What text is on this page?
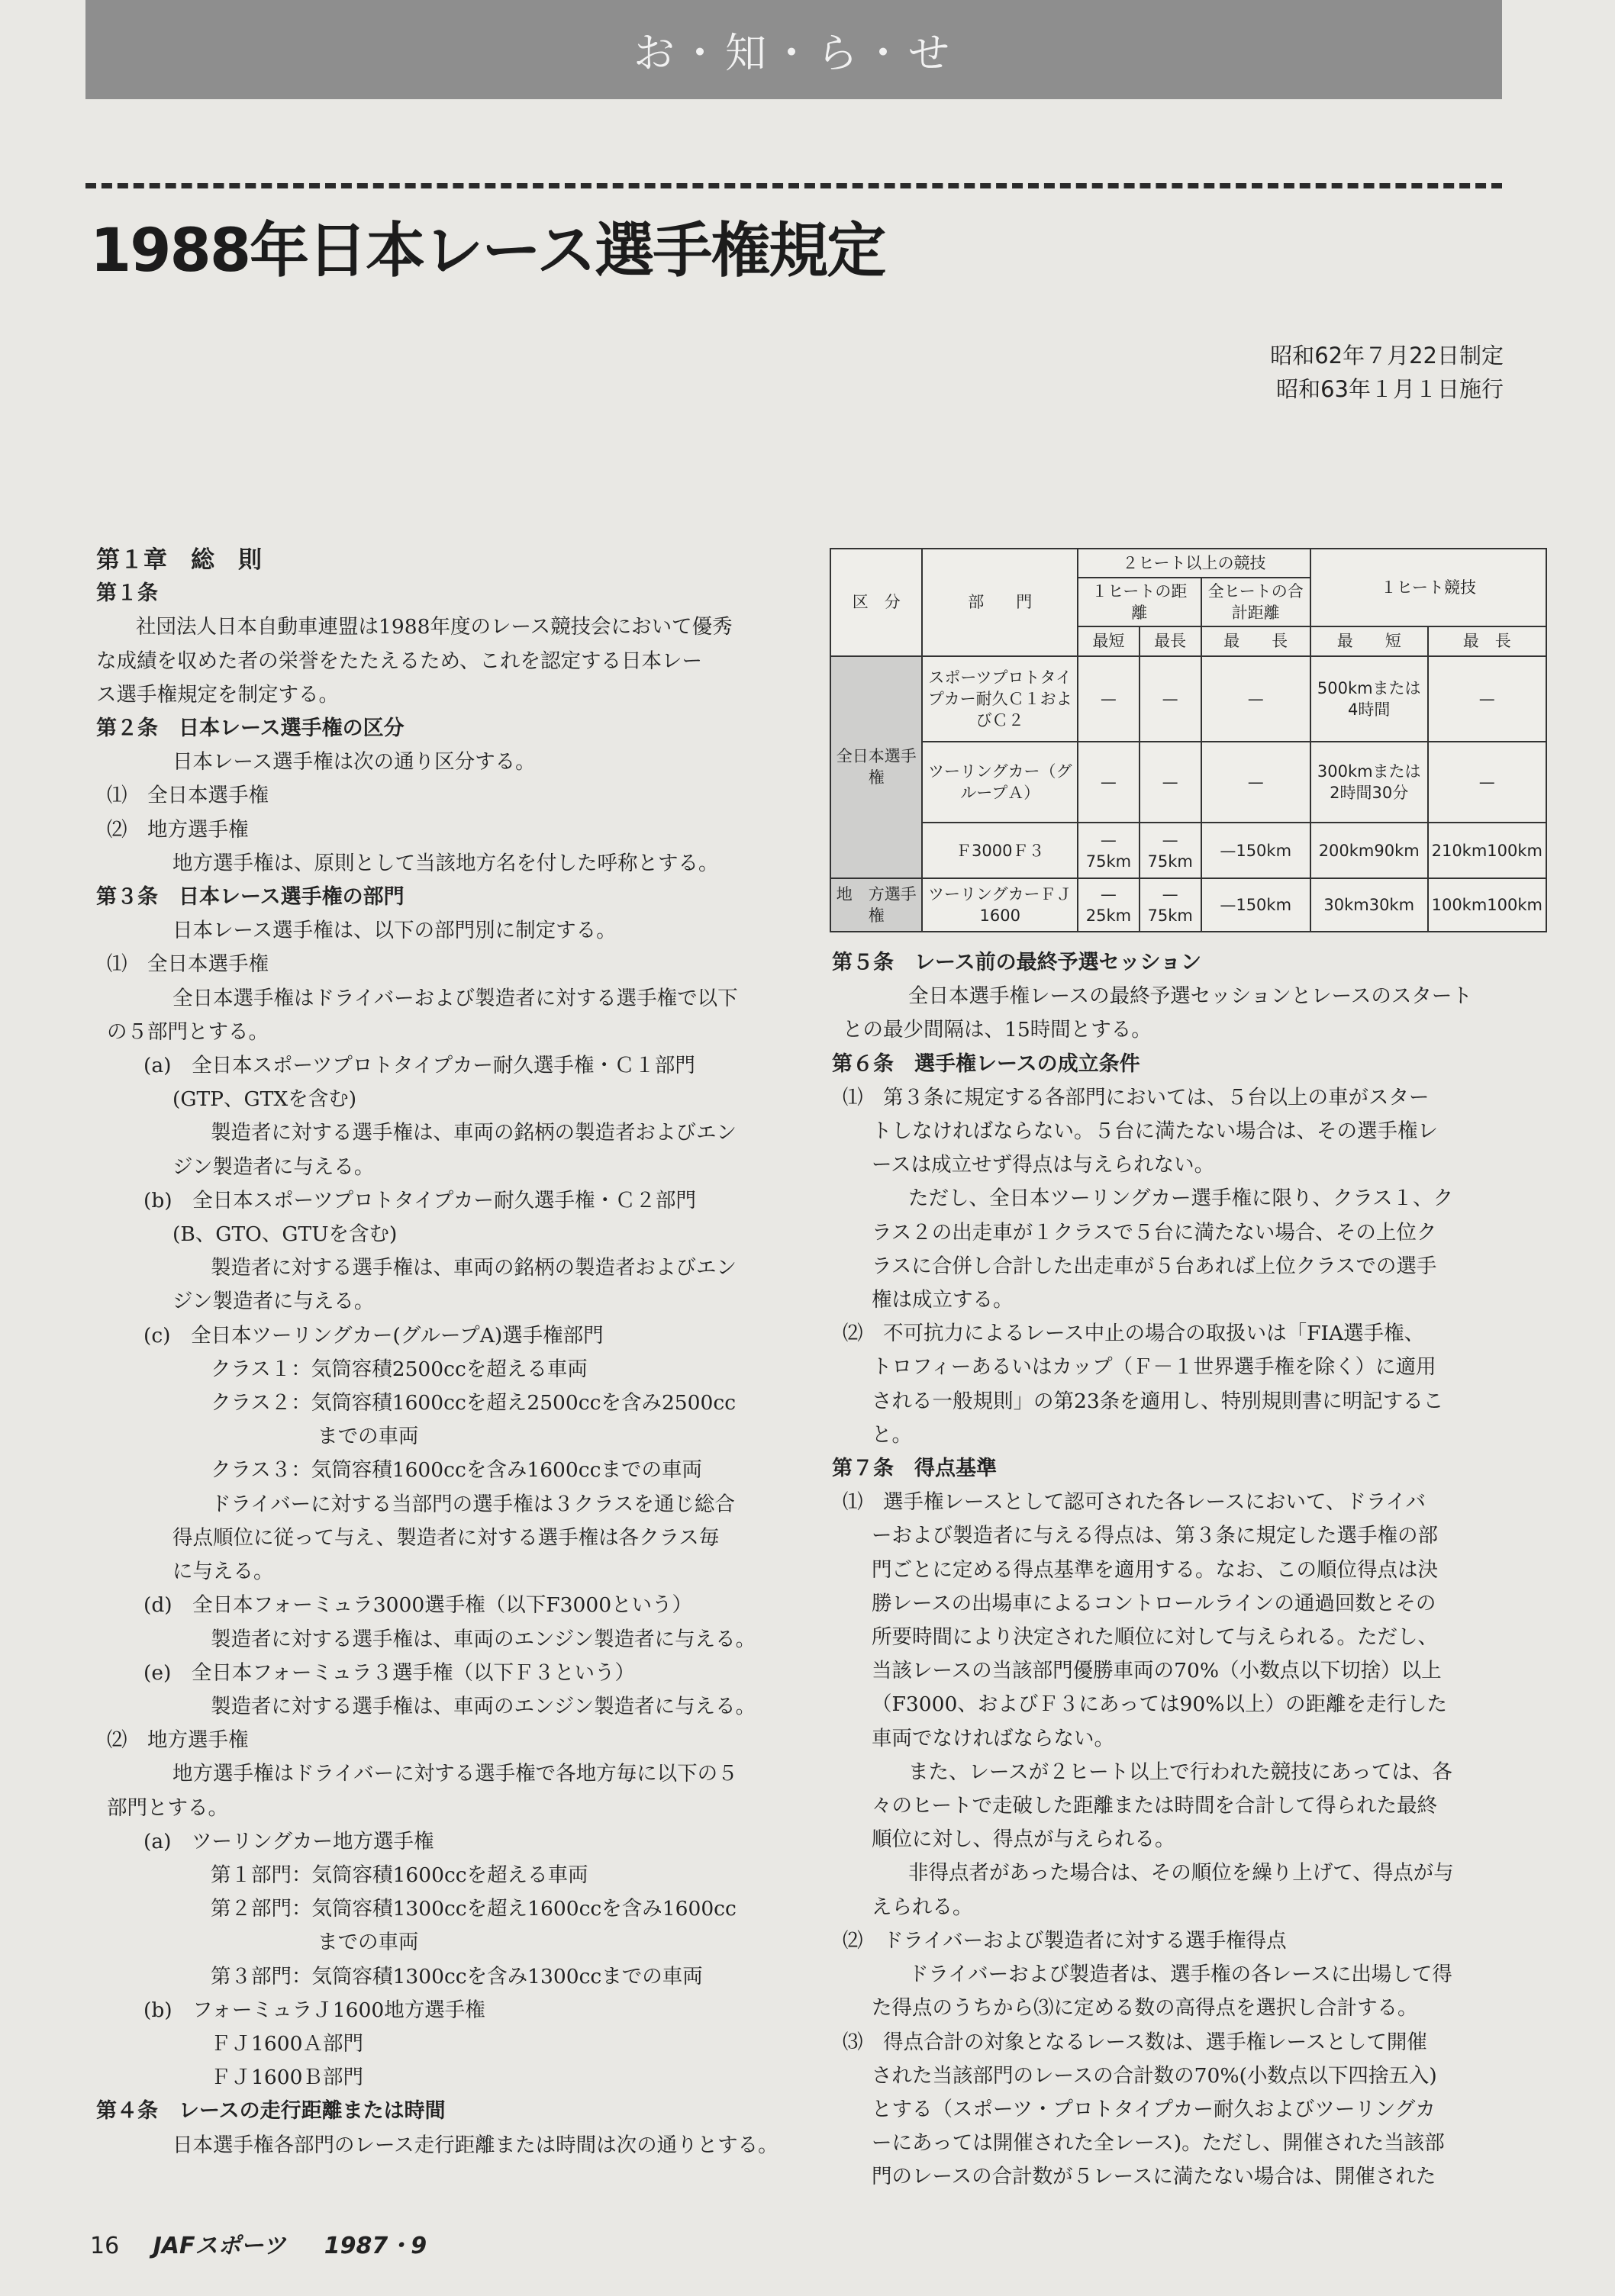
お・知・ら・せ
1988年日本レース選手権規定
昭和62年７月22日制定
昭和63年１月１日施行

第１章　総　則

第１条

社団法人日本自動車連盟は1988年度のレース競技会において優秀

な成績を収めた者の栄誉をたたえるため、これを認定する日本レー

ス選手権規定を制定する。

第２条　日本レース選手権の区分

日本レース選手権は次の通り区分する。

⑴　全日本選手権

⑵　地方選手権

地方選手権は、原則として当該地方名を付した呼称とする。

第３条　日本レース選手権の部門

日本レース選手権は、以下の部門別に制定する。

⑴　全日本選手権

全日本選手権はドライバーおよび製造者に対する選手権で以下

の５部門とする。

(a)　全日本スポーツプロトタイプカー耐久選手権・Ｃ１部門

(GTP、GTXを含む)

製造者に対する選手権は、車両の銘柄の製造者およびエン

ジン製造者に与える。

(b)　全日本スポーツプロトタイプカー耐久選手権・Ｃ２部門

(B、GTO、GTUを含む)

製造者に対する選手権は、車両の銘柄の製造者およびエン

ジン製造者に与える。

(c)　全日本ツーリングカー(グループA)選手権部門

クラス１：気筒容積2500ccを超える車両

クラス２：気筒容積1600ccを超え2500ccを含み2500cc

までの車両

クラス３：気筒容積1600ccを含み1600ccまでの車両

ドライバーに対する当部門の選手権は３クラスを通じ総合

得点順位に従って与え、製造者に対する選手権は各クラス毎

に与える。

(d)　全日本フォーミュラ3000選手権（以下F3000という）

製造者に対する選手権は、車両のエンジン製造者に与える。

(e)　全日本フォーミュラ３選手権（以下Ｆ３という）

製造者に対する選手権は、車両のエンジン製造者に与える。

⑵　地方選手権

地方選手権はドライバーに対する選手権で各地方毎に以下の５

部門とする。

(a)　ツーリングカー地方選手権

第１部門：気筒容積1600ccを超える車両

第２部門：気筒容積1300ccを超え1600ccを含み1600cc

までの車両

第３部門：気筒容積1300ccを含み1300ccまでの車両

(b)　フォーミュラＪ1600地方選手権

ＦＪ1600Ａ部門

ＦＪ1600Ｂ部門

第４条　レースの走行距離または時間

日本選手権各部門のレース走行距離または時間は次の通りとする。

区　分	部　　門	２ヒート以上の競技			１ヒート競技	
		１ヒートの距　離		全ヒートの合計距離		
		最短	最長	最　　長	最　　短	最　長
全日本選手権	スポーツプロトタイプカー耐久Ｃ１およびＣ２	—	—	—	500kmまたは4時間	—
	ツーリングカー（グループＡ）	—	—	—	300kmまたは2時間30分	—
	Ｆ3000Ｆ３	—75km	—75km	—150km	200km90km	210km100km
地　方選手権	ツーリングカーＦＪ1600	—25km	—75km	—150km	30km30km	100km100km

第５条　レース前の最終予選セッション

全日本選手権レースの最終予選セッションとレースのスタート

との最少間隔は、15時間とする。

第６条　選手権レースの成立条件

⑴　第３条に規定する各部門においては、５台以上の車がスター

トしなければならない。５台に満たない場合は、その選手権レ

ースは成立せず得点は与えられない。

ただし、全日本ツーリングカー選手権に限り、クラス１、ク

ラス２の出走車が１クラスで５台に満たない場合、その上位ク

ラスに合併し合計した出走車が５台あれば上位クラスでの選手

権は成立する。

⑵　不可抗力によるレース中止の場合の取扱いは「FIA選手権、

トロフィーあるいはカップ（Ｆ－１世界選手権を除く）に適用

される一般規則」の第23条を適用し、特別規則書に明記するこ

と。

第７条　得点基準

⑴　選手権レースとして認可された各レースにおいて、ドライバ

ーおよび製造者に与える得点は、第３条に規定した選手権の部

門ごとに定める得点基準を適用する。なお、この順位得点は決

勝レースの出場車によるコントロールラインの通過回数とその

所要時間により決定された順位に対して与えられる。ただし、

当該レースの当該部門優勝車両の70%（小数点以下切捨）以上

（F3000、およびＦ３にあっては90%以上）の距離を走行した

車両でなければならない。

また、レースが２ヒート以上で行われた競技にあっては、各

々のヒートで走破した距離または時間を合計して得られた最終

順位に対し、得点が与えられる。

非得点者があった場合は、その順位を繰り上げて、得点が与

えられる。

⑵　ドライバーおよび製造者に対する選手権得点

ドライバーおよび製造者は、選手権の各レースに出場して得

た得点のうちから⑶に定める数の高得点を選択し合計する。

⑶　得点合計の対象となるレース数は、選手権レースとして開催

された当該部門のレースの合計数の70%(小数点以下四捨五入)

とする（スポーツ・プロトタイプカー耐久およびツーリングカ

ーにあっては開催された全レース)。ただし、開催された当該部

門のレースの合計数が５レースに満たない場合は、開催された

16 JAFスポーツ 1987・9
